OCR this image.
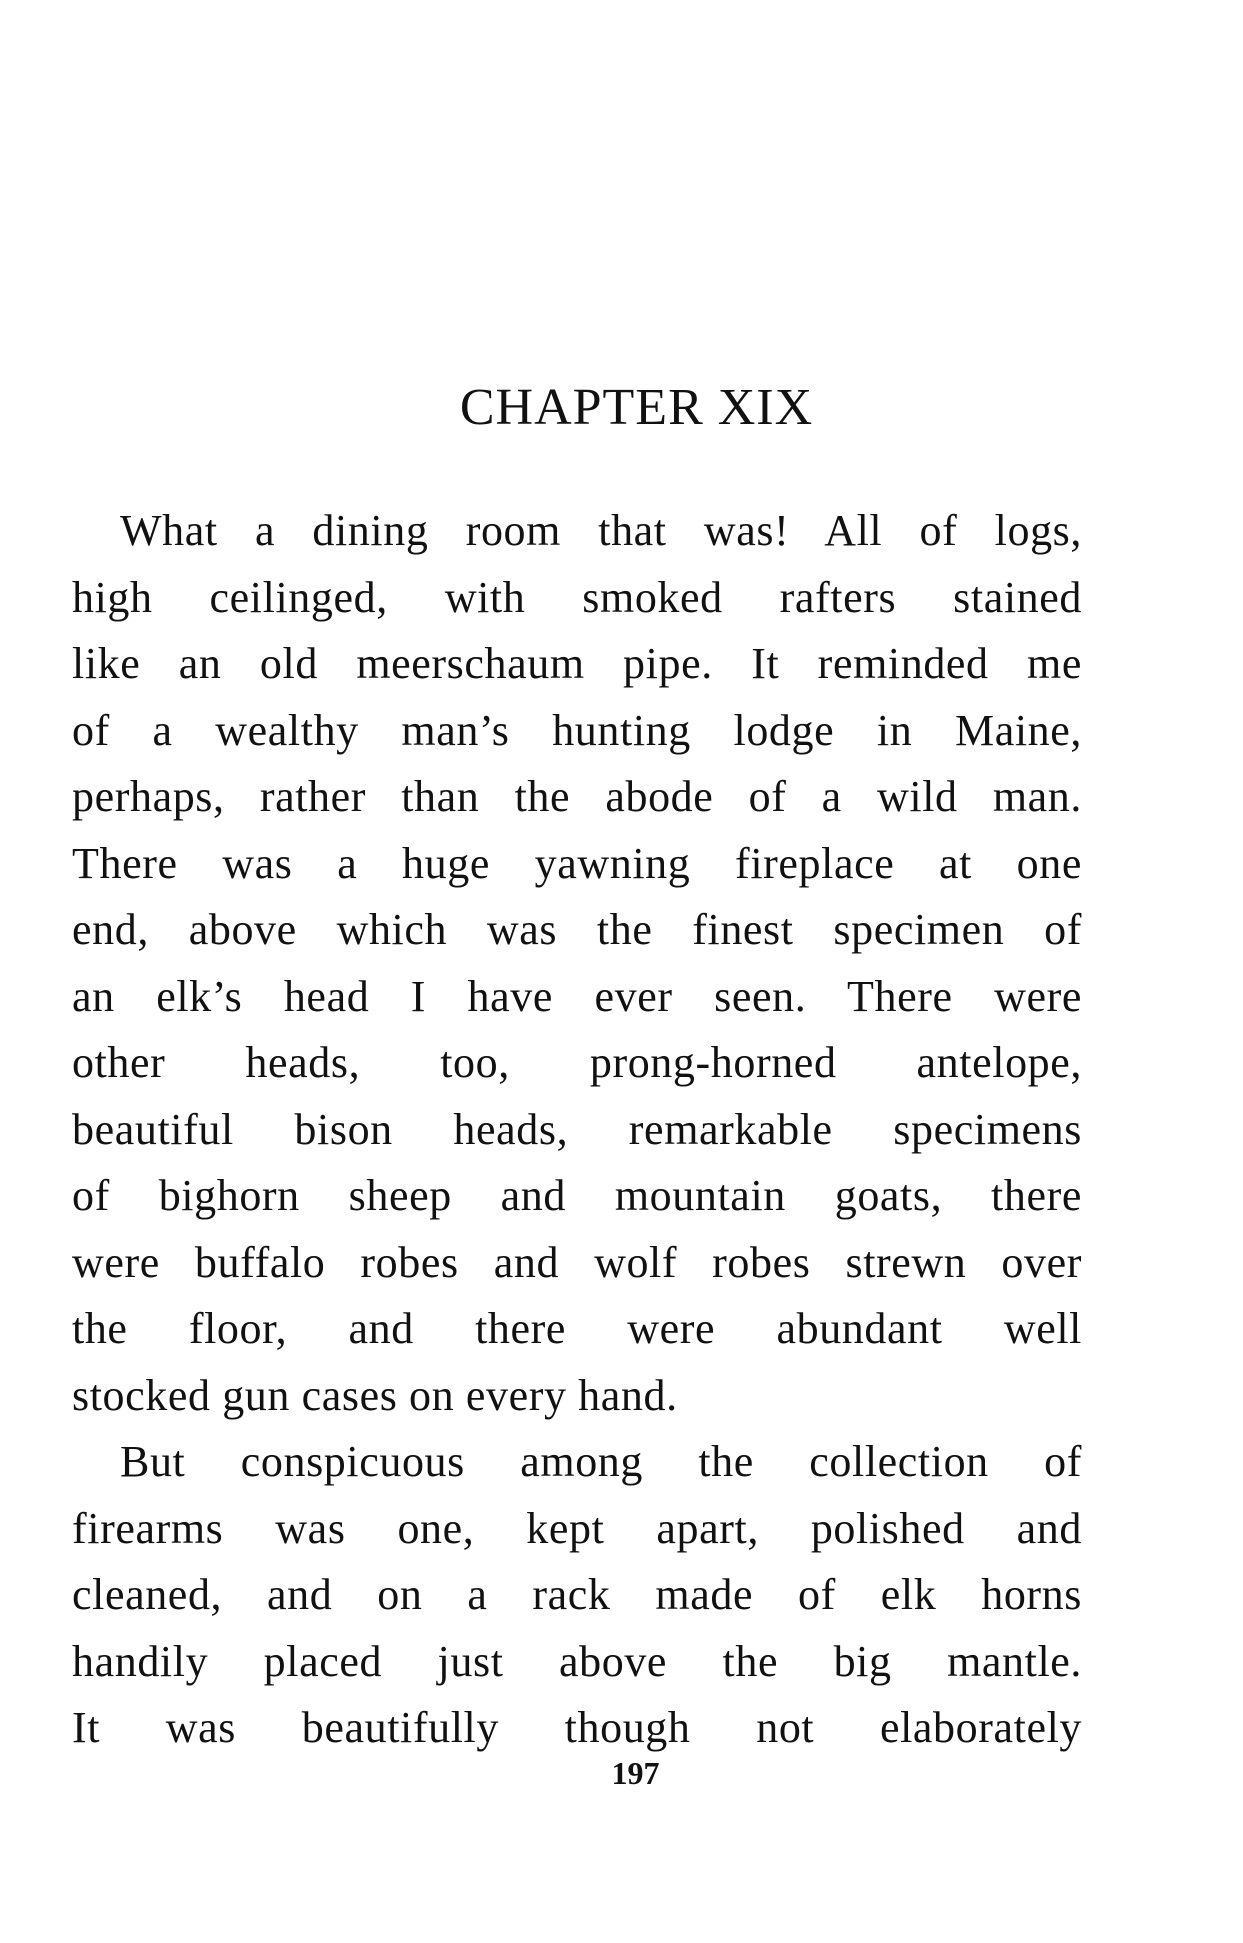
CHAPTER XIX
What a dining room that was! All of logs,
high ceilinged, with smoked rafters stained
like an old meerschaum pipe. It reminded me
of a wealthy man’s hunting lodge in Maine,
perhaps, rather than the abode of a wild man.
There was a huge yawning fireplace at one
end, above which was the finest specimen of
an elk’s head I have ever seen. There were
other heads, too, prong-horned antelope,
beautiful bison heads, remarkable specimens
of bighorn sheep and mountain goats, there
were buffalo robes and wolf robes strewn over
the floor, and there were abundant well
stocked gun cases on every hand.
But conspicuous among the collection of
firearms was one, kept apart, polished and
cleaned, and on a rack made of elk horns
handily placed just above the big mantle.
It was beautifully though not elaborately
197
